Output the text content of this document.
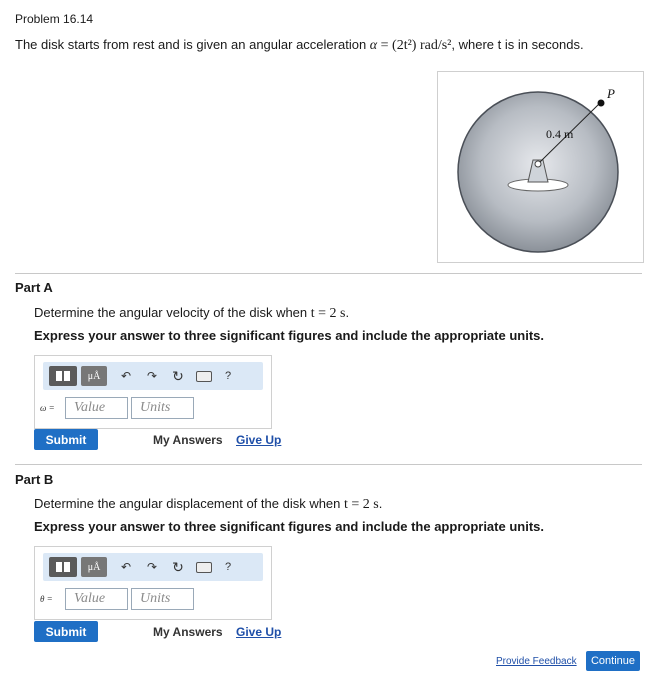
Problem 16.14
The disk starts from rest and is given an angular acceleration α = (2t²) rad/s², where t is in seconds.
P
0.4 m
Part A
Determine the angular velocity of the disk when t = 2 s.
Express your answer to three significant figures and include the appropriate units.
μÅ	↶	↷ ↻	?
ω =
Value
Units
Submit	My Answers Give Up
Part B
Determine the angular displacement of the disk when t = 2 s.
Express your answer to three significant figures and include the appropriate units.
μÅ	↶	↷ ↻	?
θ =
Value
Units
Submit	My Answers Give Up
Provide Feedback	Continue
